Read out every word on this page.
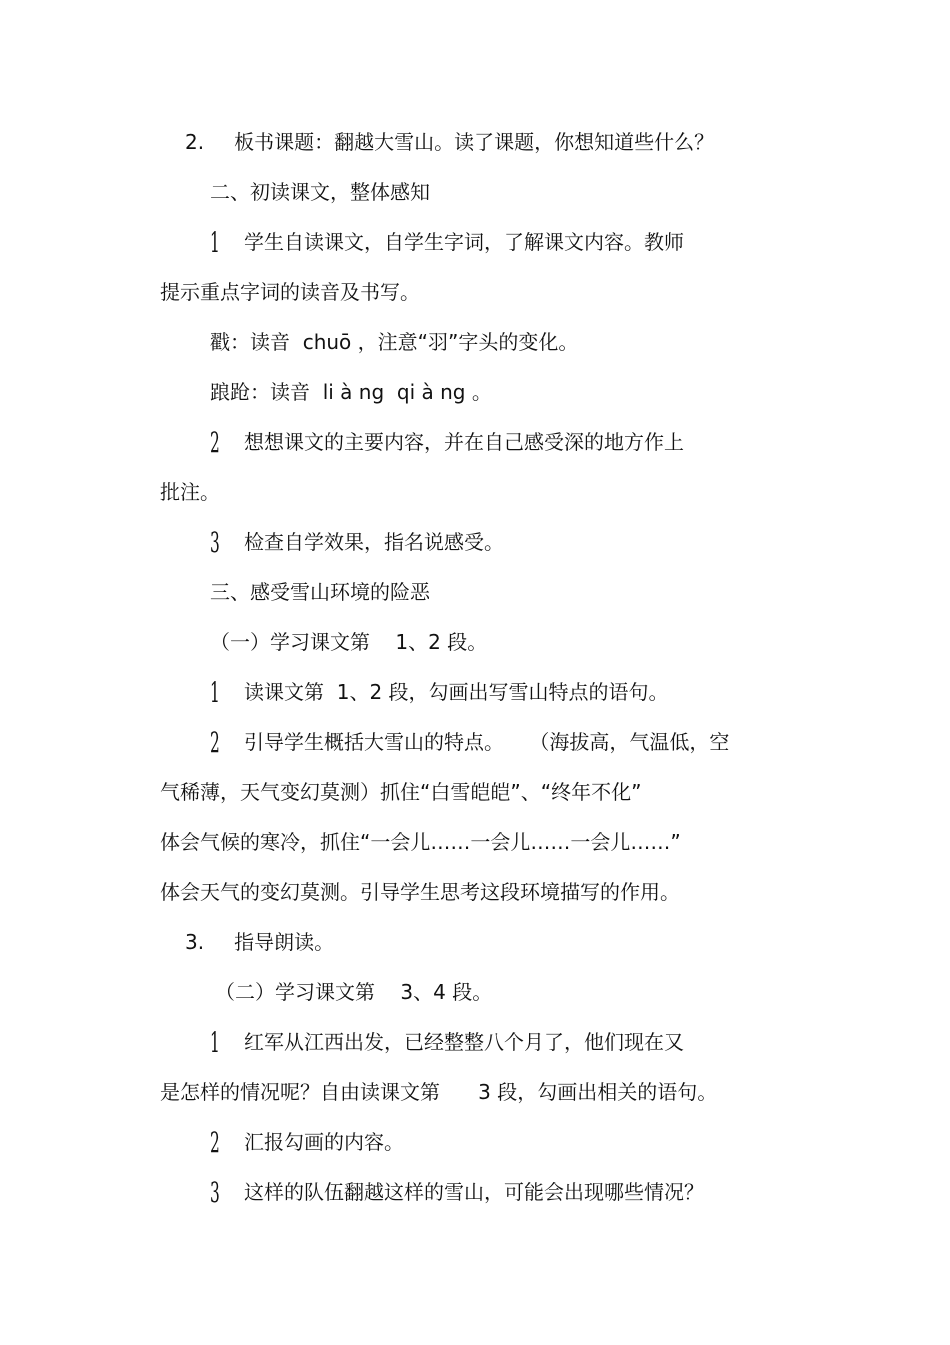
2. 板书课题：翻越大雪山。读了课题，你想知道些什么？
二、初读课文，整体感知
1 学生自读课文，自学生字词，了解课文内容。教师
提示重点字词的读音及书写。
戳：读音  chuō ，注意“羽”字头的变化。
踉跄：读音  li à ng  qi à ng 。
2 想想课文的主要内容，并在自己感受深的地方作上
批注。
3 检查自学效果，指名说感受。
三、感受雪山环境的险恶
（一）学习课文第    1、2 段。
1 读课文第  1、2 段，勾画出写雪山特点的语句。
2 引导学生概括大雪山的特点。    （海拔高，气温低，空
气稀薄，天气变幻莫测）抓住“白雪皑皑”、“终年不化”
体会气候的寒冷，抓住“一会儿……一会儿……一会儿……”
体会天气的变幻莫测。引导学生思考这段环境描写的作用。
3. 指导朗读。
（二）学习课文第    3、4 段。
1 红军从江西出发，已经整整八个月了，他们现在又
是怎样的情况呢？自由读课文第      3 段，勾画出相关的语句。
2 汇报勾画的内容。
3 这样的队伍翻越这样的雪山，可能会出现哪些情况？
